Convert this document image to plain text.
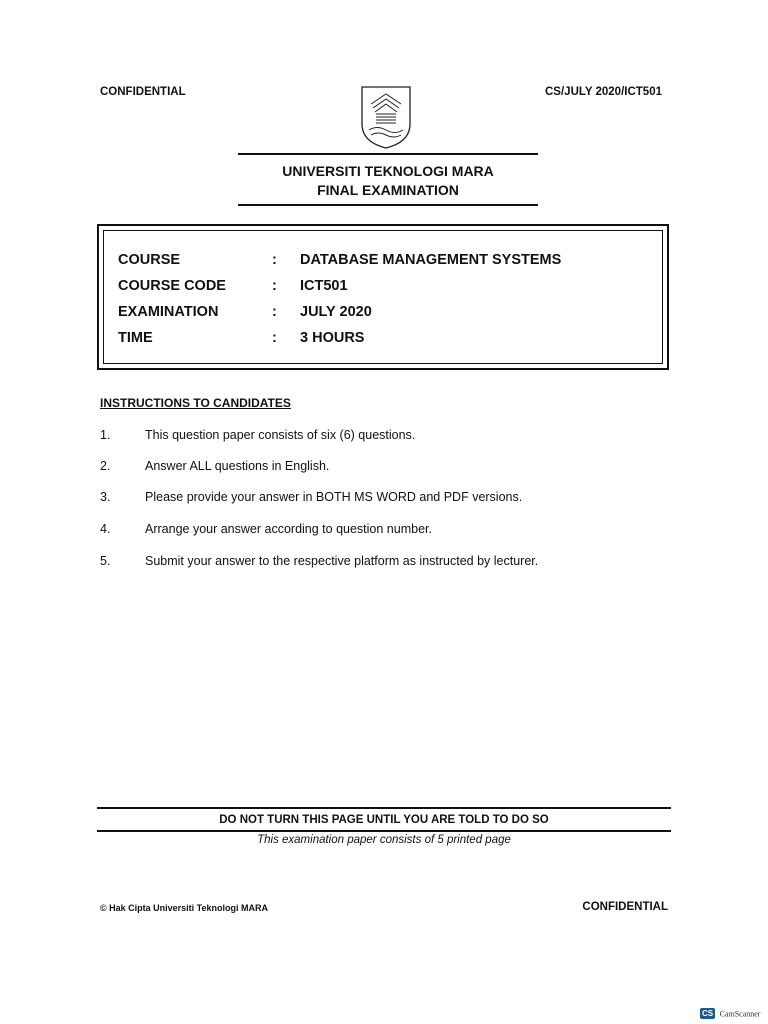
CONFIDENTIAL	CS/JULY 2020/ICT501
UNIVERSITI TEKNOLOGI MARA
FINAL EXAMINATION
COURSE	: DATABASE MANAGEMENT SYSTEMS
COURSE CODE	: ICT501
EXAMINATION	: JULY 2020
TIME	: 3 HOURS
INSTRUCTIONS TO CANDIDATES
1.	This question paper consists of six (6) questions.
2.	Answer ALL questions in English.
3.	Please provide your answer in BOTH MS WORD and PDF versions.
4.	Arrange your answer according to question number.
5.	Submit your answer to the respective platform as instructed by lecturer.
DO NOT TURN THIS PAGE UNTIL YOU ARE TOLD TO DO SO
This examination paper consists of 5 printed page
© Hak Cipta Universiti Teknologi MARA	CONFIDENTIAL
CS CamScanner
